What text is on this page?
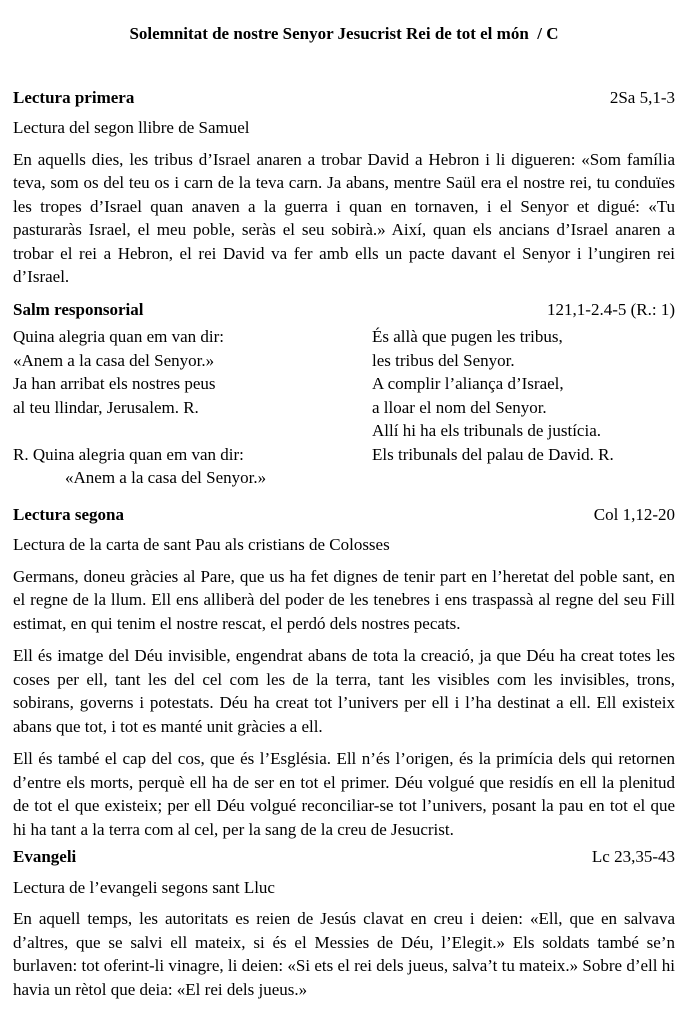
Solemnitat de nostre Senyor Jesucrist Rei de tot el món  / C
Lectura primera	2Sa 5,1-3
Lectura del segon llibre de Samuel

En aquells dies, les tribus d’Israel anaren a trobar David a Hebron i li digueren: «Som família teva, som os del teu os i carn de la teva carn. Ja abans, mentre Saül era el nostre rei, tu conduïes les tropes d’Israel quan anaven a la guerra i quan en tornaven, i el Senyor et digué: «Tu pasturaràs Israel, el meu poble, seràs el seu sobirà.» Així, quan els ancians d’Israel anaren a trobar el rei a Hebron, el rei David va fer amb ells un pacte davant el Senyor i l’ungiren rei d’Israel.

Salm responsorial	121,1-2.4-5 (R.: 1)
Quina alegria quan em van dir:
«Anem a la casa del Senyor.»
Ja han arribat els nostres peus
al teu llindar, Jerusalem. R.
R. Quina alegria quan em van dir:
«Anem a la casa del Senyor.»
És allà que pugen les tribus,
les tribus del Senyor.
A complir l’aliança d’Israel,
a lloar el nom del Senyor.
Allí hi ha els tribunals de justícia.
Els tribunals del palau de David. R.
Lectura segona	Col 1,12-20
Lectura de la carta de sant Pau als cristians de Colosses

Germans, doneu gràcies al Pare, que us ha fet dignes de tenir part en l’heretat del poble sant, en el regne de la llum. Ell ens alliberà del poder de les tenebres i ens traspassà al regne del seu Fill estimat, en qui tenim el nostre rescat, el perdó dels nostres pecats.

Ell és imatge del Déu invisible, engendrat abans de tota la creació, ja que Déu ha creat totes les coses per ell, tant les del cel com les de la terra, tant les visibles com les invisibles, trons, sobirans, governs i potestats. Déu ha creat tot l’univers per ell i l’ha destinat a ell. Ell existeix abans que tot, i tot es manté unit gràcies a ell.

Ell és també el cap del cos, que és l’Església. Ell n’és l’origen, és la primícia dels qui retornen d’entre els morts, perquè ell ha de ser en tot el primer. Déu volgué que residís en ell la plenitud de tot el que existeix; per ell Déu volgué reconciliar-se tot l’univers, posant la pau en tot el que hi ha tant a la terra com al cel, per la sang de la creu de Jesucrist.

Evangeli	Lc 23,35-43
Lectura de l’evangeli segons sant Lluc

En aquell temps, les autoritats es reien de Jesús clavat en creu i deien: «Ell, que en salvava d’altres, que se salvi ell mateix, si és el Messies de Déu, l’Elegit.» Els soldats també se’n burlaven: tot oferint-li vinagre, li deien: «Si ets el rei dels jueus, salva’t tu mateix.» Sobre d’ell hi havia un rètol que deia: «El rei dels jueus.»
